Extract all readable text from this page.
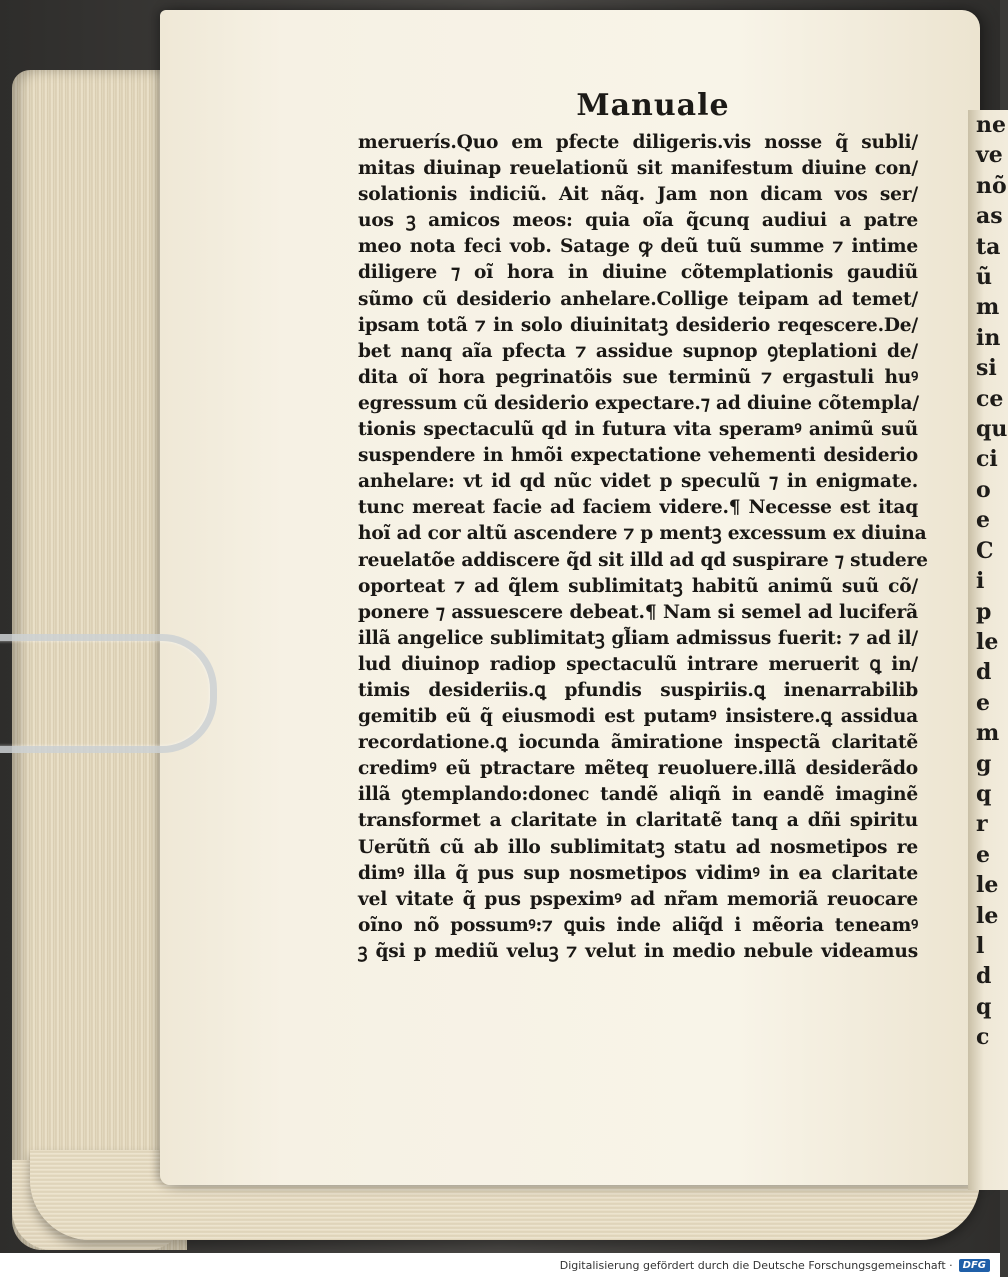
ne
ve
nõ
as
ta
ũ
m
in
si
ce
qu
ci
o
e
C
i
p
le
d
e
m
g
q
r
e
le
le
l
d
q
c
Manuale
meruerís.Quo em pfecte diligeris.vis nosse q̃ subli/
mitas diuinap reuelationũ sit manifestum diuine con/
solationis indiciũ. Ait nãq. Jam non dicam vos ser/
uos ꝫ amicos meos: quia oĩa q̃cunq audiui a patre
meo nota feci vob. Satage ꝙ deũ tuũ summe ⁊ intime
diligere ⁊ oĩ hora in diuine cõtemplationis gaudiũ
sũmo cũ desiderio anhelare.Collige teipam ad temet/
ipsam totã ⁊ in solo diuinitatꝫ desiderio reqescere.De/
bet nanq aĩa pfecta ⁊ assidue supnop ꝯteplationi de/
dita oĩ hora pegrinatõis sue terminũ ⁊ ergastuli huꝰ
egressum cũ desiderio expectare.⁊ ad diuine cõtempla/
tionis spectaculũ qd in futura vita speramꝰ animũ suũ
suspendere in hmõi expectatione vehementi desiderio
anhelare: vt id qd nũc videt p speculũ ⁊ in enigmate.
tunc mereat facie ad faciem videre.¶ Necesse est itaq
hoĩ ad cor altũ ascendere ⁊ p mentꝫ excessum ex diuina
reuelatõe addiscere q̃d sit illd ad qd suspirare ⁊ studere
oporteat ⁊ ad q̃lem sublimitatꝫ habitũ animũ suũ cõ/
ponere ⁊ assuescere debeat.¶ Nam si semel ad luciferã
illã angelice sublimitatꝫ gl̃iam admissus fuerit: ⁊ ad il/
lud diuinop radiop spectaculũ intrare meruerit ꝗ in/
timis desideriis.ꝗ pfundis suspiriis.ꝗ inenarrabilib
gemitib eũ q̃ eiusmodi est putamꝰ insistere.ꝗ assidua
recordatione.ꝗ iocunda ãmiratione inspectã claritatẽ
credimꝰ eũ ptractare mẽteq reuoluere.illã desiderãdo
illã ꝯtemplando:donec tandẽ aliqñ in eandẽ imaginẽ
transformet a claritate in claritatẽ tanq a dñi spiritu
Uerũtñ cũ ab illo sublimitatꝫ statu ad nosmetipos re
dimꝰ illa q̃ pus sup nosmetipos vidimꝰ in ea claritate
vel vitate q̃ pus pspeximꝰ ad nr̃am memoriã reuocare
oĩno nõ possumꝰ:⁊ ꝗuis inde aliq̃d i mẽoria teneamꝰ
ꝫ q̃si p mediũ veluꝫ ⁊ velut in medio nebule videamus
Digitalisierung gefördert durch die Deutsche Forschungsgemeinschaft ·	DFG
